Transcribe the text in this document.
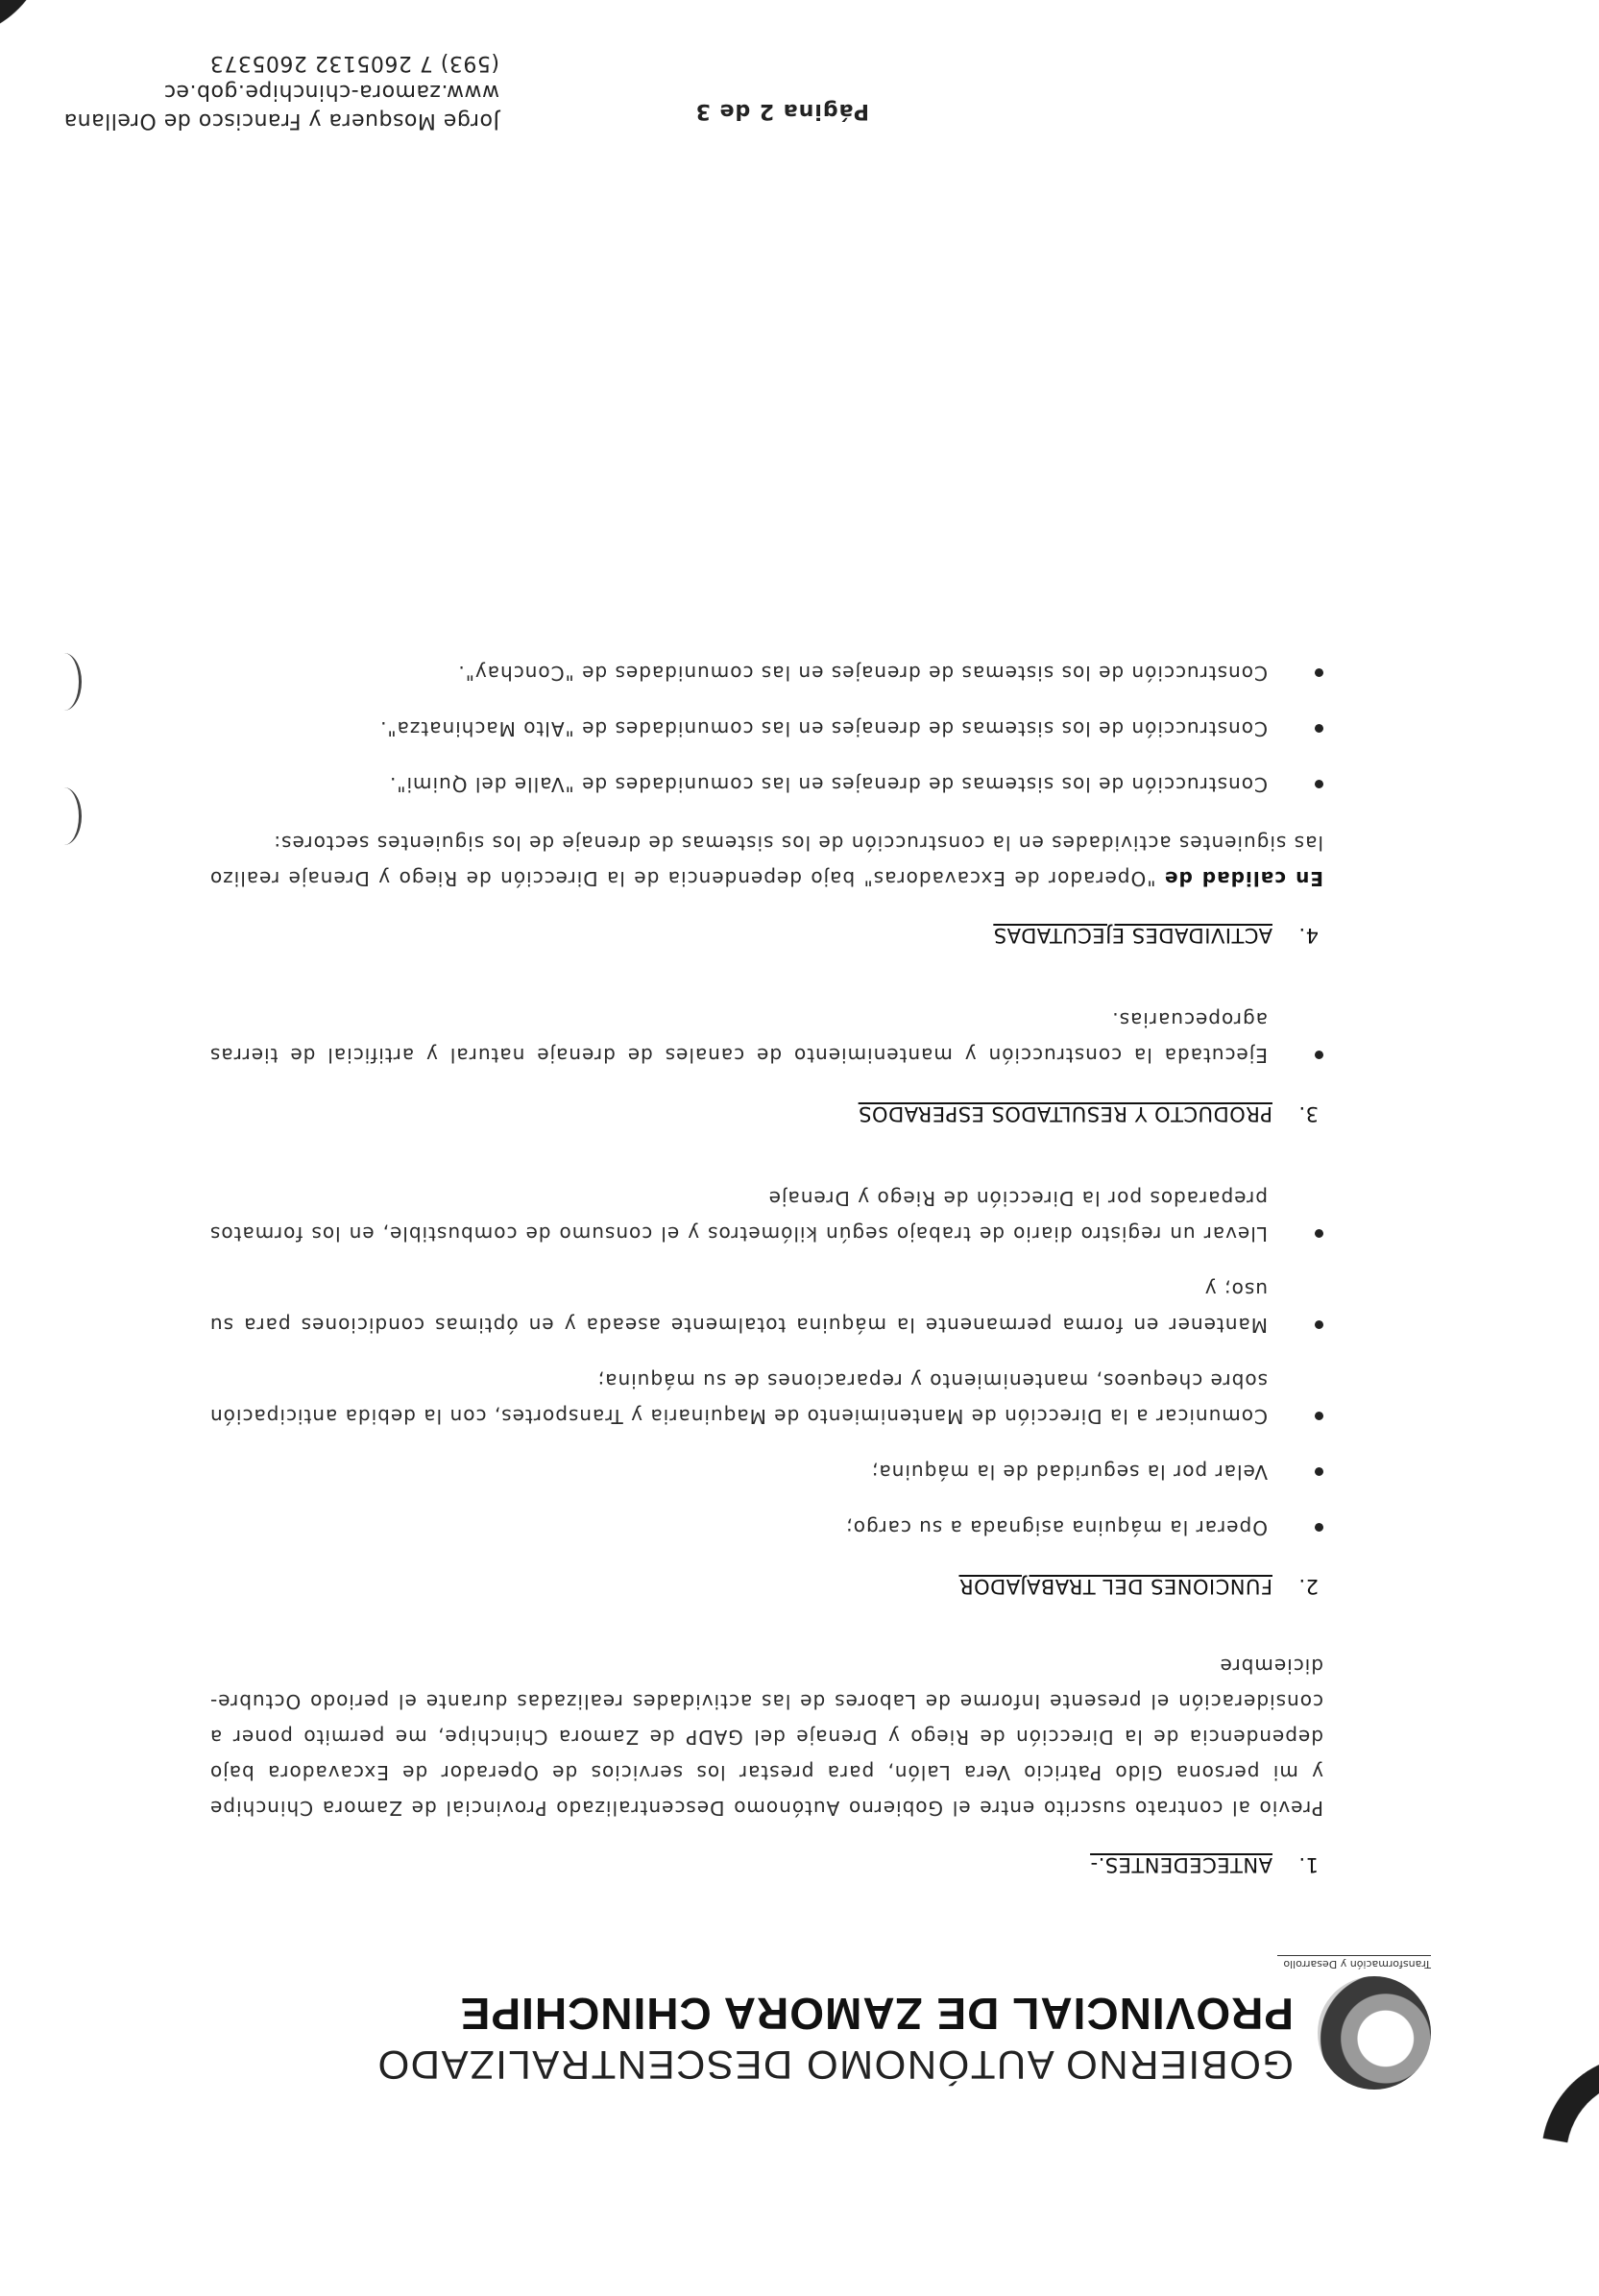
GOBIERNO AUTÓNOMO DESCENTRALIZADO
PROVINCIAL DE ZAMORA CHINCHIPE
Transformación y Desarrollo
1.ANTECEDENTES.-

Previo al contrato suscrito entre el Gobierno Autónomo Descentralizado Provincial de Zamora Chinchipe y mi persona Gldo Patricio Vera Lalón, para prestar los servicios de Operador de Excavadora bajo dependencia de la Dirección de Riego y Drenaje del GADP de Zamora Chinchipe, me permito poner a consideración el presente Informe de Labores de las actividades realizadas durante el periodo Octubre-diciembre

2.FUNCIONES DEL TRABAJADOR
Operar la máquina asignada a su cargo;
Velar por la seguridad de la máquina;
Comunicar a la Dirección de Mantenimiento de Maquinaria y Transportes, con la debida anticipación sobre chequeos, mantenimiento y reparaciones de su máquina;
Mantener en forma permanente la máquina totalmente aseada y en óptimas condiciones para su uso; y
Llevar un registro diario de trabajo según kilómetros y el consumo de combustible, en los formatos preparados por la Dirección de Riego y Drenaje
3.PRODUCTO Y RESULTADOS ESPERADOS
Ejecutada la construcción y mantenimiento de canales de drenaje natural y artificial de tierras agropecuarias.
4.ACTIVIDADES EJECUTADAS

En calidad de "Operador de Excavadoras" bajo dependencia de la Dirección de Riego y Drenaje realizo las siguientes actividades en la construcción de los sistemas de drenaje de los siguientes sectores:

Construcción de los sistemas de drenajes en las comunidades de "Valle del Quimi".
Construcción de los sistemas de drenajes en las comunidades de "Alto Machinatza".
Construcción de los sistemas de drenajes en las comunidades de "Conchay".
Página 2 de 3
Jorge Mosquera y Francisco de Orellana
www.zamora-chinchipe.gob.ec
(593) 7 2605132 2605373
